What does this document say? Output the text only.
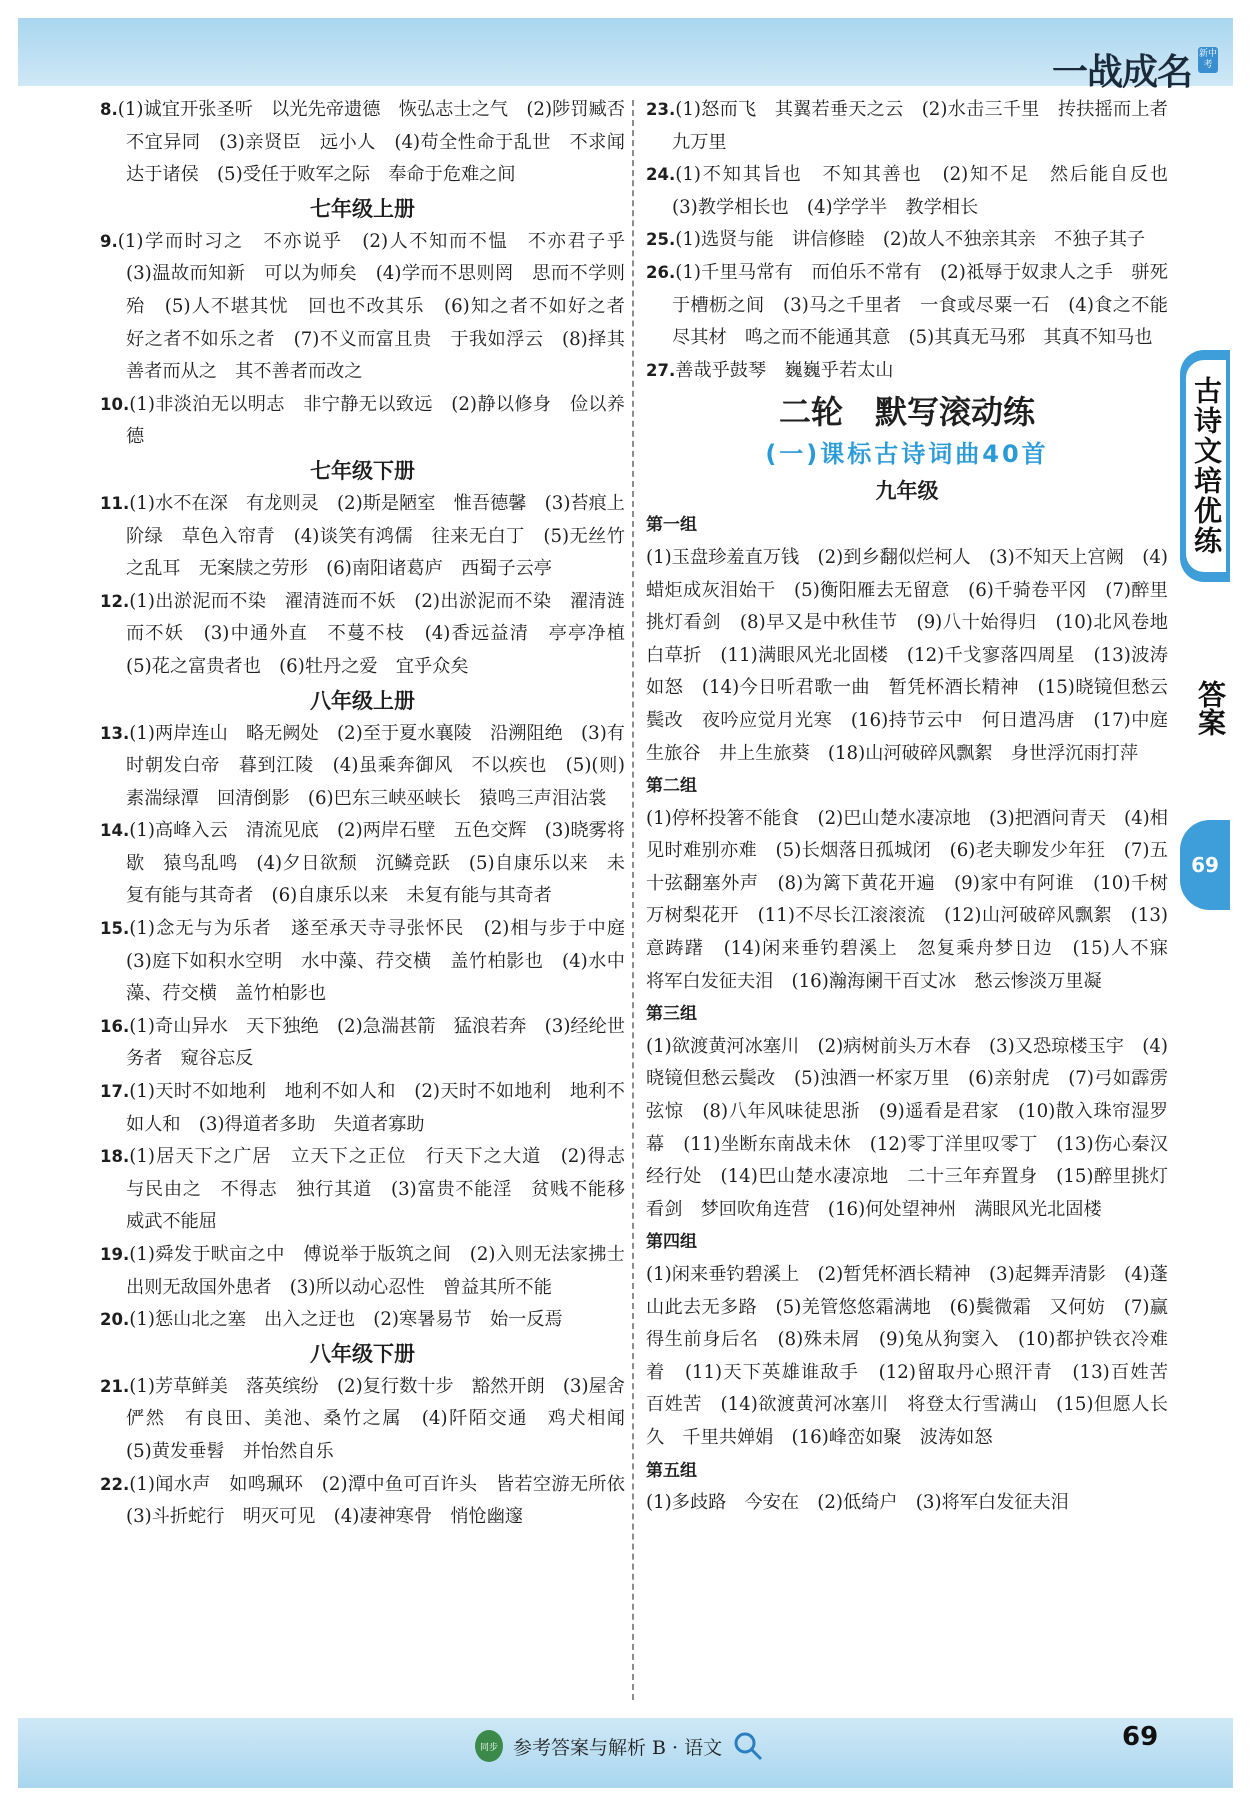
一战成名 新中考
古诗文培优练
答案
69
8.(1)诚宜开张圣听　以光先帝遗德　恢弘志士之气　(2)陟罚臧否　不宜异同　(3)亲贤臣　远小人　(4)苟全性命于乱世　不求闻达于诸侯　(5)受任于败军之际　奉命于危难之间
七年级上册
9.(1)学而时习之　不亦说乎　(2)人不知而不愠　不亦君子乎　(3)温故而知新　可以为师矣　(4)学而不思则罔　思而不学则殆　(5)人不堪其忧　回也不改其乐　(6)知之者不如好之者　好之者不如乐之者　(7)不义而富且贵　于我如浮云　(8)择其善者而从之　其不善者而改之
10.(1)非淡泊无以明志　非宁静无以致远　(2)静以修身　俭以养德
七年级下册
11.(1)水不在深　有龙则灵　(2)斯是陋室　惟吾德馨　(3)苔痕上阶绿　草色入帘青　(4)谈笑有鸿儒　往来无白丁　(5)无丝竹之乱耳　无案牍之劳形　(6)南阳诸葛庐　西蜀子云亭
12.(1)出淤泥而不染　濯清涟而不妖　(2)出淤泥而不染　濯清涟而不妖　(3)中通外直　不蔓不枝　(4)香远益清　亭亭净植　(5)花之富贵者也　(6)牡丹之爱　宜乎众矣
八年级上册
13.(1)两岸连山　略无阙处　(2)至于夏水襄陵　沿溯阻绝　(3)有时朝发白帝　暮到江陵　(4)虽乘奔御风　不以疾也　(5)(则)素湍绿潭　回清倒影　(6)巴东三峡巫峡长　猿鸣三声泪沾裳
14.(1)高峰入云　清流见底　(2)两岸石壁　五色交辉　(3)晓雾将歇　猿鸟乱鸣　(4)夕日欲颓　沉鳞竞跃　(5)自康乐以来　未复有能与其奇者　(6)自康乐以来　未复有能与其奇者
15.(1)念无与为乐者　遂至承天寺寻张怀民　(2)相与步于中庭　(3)庭下如积水空明　水中藻、荇交横　盖竹柏影也　(4)水中藻、荇交横　盖竹柏影也
16.(1)奇山异水　天下独绝　(2)急湍甚箭　猛浪若奔　(3)经纶世务者　窥谷忘反
17.(1)天时不如地利　地利不如人和　(2)天时不如地利　地利不如人和　(3)得道者多助　失道者寡助
18.(1)居天下之广居　立天下之正位　行天下之大道　(2)得志　与民由之　不得志　独行其道　(3)富贵不能淫　贫贱不能移　威武不能屈
19.(1)舜发于畎亩之中　傅说举于版筑之间　(2)入则无法家拂士　出则无敌国外患者　(3)所以动心忍性　曾益其所不能
20.(1)惩山北之塞　出入之迂也　(2)寒暑易节　始一反焉
八年级下册
21.(1)芳草鲜美　落英缤纷　(2)复行数十步　豁然开朗　(3)屋舍俨然　有良田、美池、桑竹之属　(4)阡陌交通　鸡犬相闻　(5)黄发垂髫　并怡然自乐
22.(1)闻水声　如鸣珮环　(2)潭中鱼可百许头　皆若空游无所依　(3)斗折蛇行　明灭可见　(4)凄神寒骨　悄怆幽邃
23.(1)怒而飞　其翼若垂天之云　(2)水击三千里　抟扶摇而上者九万里
24.(1)不知其旨也　不知其善也　(2)知不足　然后能自反也　(3)教学相长也　(4)学学半　教学相长
25.(1)选贤与能　讲信修睦　(2)故人不独亲其亲　不独子其子
26.(1)千里马常有　而伯乐不常有　(2)祗辱于奴隶人之手　骈死于槽枥之间　(3)马之千里者　一食或尽粟一石　(4)食之不能尽其材　鸣之而不能通其意　(5)其真无马邪　其真不知马也
27.善哉乎鼓琴　巍巍乎若太山
二轮　默写滚动练
(一)课标古诗词曲40首
九年级
第一组
(1)玉盘珍羞直万钱　(2)到乡翻似烂柯人　(3)不知天上宫阙　(4)蜡炬成灰泪始干　(5)衡阳雁去无留意　(6)千骑卷平冈　(7)醉里挑灯看剑　(8)早又是中秋佳节　(9)八十始得归　(10)北风卷地白草折　(11)满眼风光北固楼　(12)千戈寥落四周星　(13)波涛如怒　(14)今日听君歌一曲　暂凭杯酒长精神　(15)晓镜但愁云鬓改　夜吟应觉月光寒　(16)持节云中　何日遣冯唐　(17)中庭生旅谷　井上生旅葵　(18)山河破碎风飘絮　身世浮沉雨打萍
第二组
(1)停杯投箸不能食　(2)巴山楚水凄凉地　(3)把酒问青天　(4)相见时难别亦难　(5)长烟落日孤城闭　(6)老夫聊发少年狂　(7)五十弦翻塞外声　(8)为篱下黄花开遍　(9)家中有阿谁　(10)千树万树梨花开　(11)不尽长江滚滚流　(12)山河破碎风飘絮　(13)意踌躇　(14)闲来垂钓碧溪上　忽复乘舟梦日边　(15)人不寐　将军白发征夫泪　(16)瀚海阑干百丈冰　愁云惨淡万里凝
第三组
(1)欲渡黄河冰塞川　(2)病树前头万木春　(3)又恐琼楼玉宇　(4)晓镜但愁云鬓改　(5)浊酒一杯家万里　(6)亲射虎　(7)弓如霹雳弦惊　(8)八年风味徒思浙　(9)遥看是君家　(10)散入珠帘湿罗幕　(11)坐断东南战未休　(12)零丁洋里叹零丁　(13)伤心秦汉经行处　(14)巴山楚水凄凉地　二十三年弃置身　(15)醉里挑灯看剑　梦回吹角连营　(16)何处望神州　满眼风光北固楼
第四组
(1)闲来垂钓碧溪上　(2)暂凭杯酒长精神　(3)起舞弄清影　(4)蓬山此去无多路　(5)羌管悠悠霜满地　(6)鬓微霜　又何妨　(7)赢得生前身后名　(8)殊未屑　(9)兔从狗窦入　(10)都护铁衣冷难着　(11)天下英雄谁敌手　(12)留取丹心照汗青　(13)百姓苦　百姓苦　(14)欲渡黄河冰塞川　将登太行雪满山　(15)但愿人长久　千里共婵娟　(16)峰峦如聚　波涛如怒
第五组
(1)多歧路　今安在　(2)低绮户　(3)将军白发征夫泪
同步 参考答案与解析 B · 语文	69
